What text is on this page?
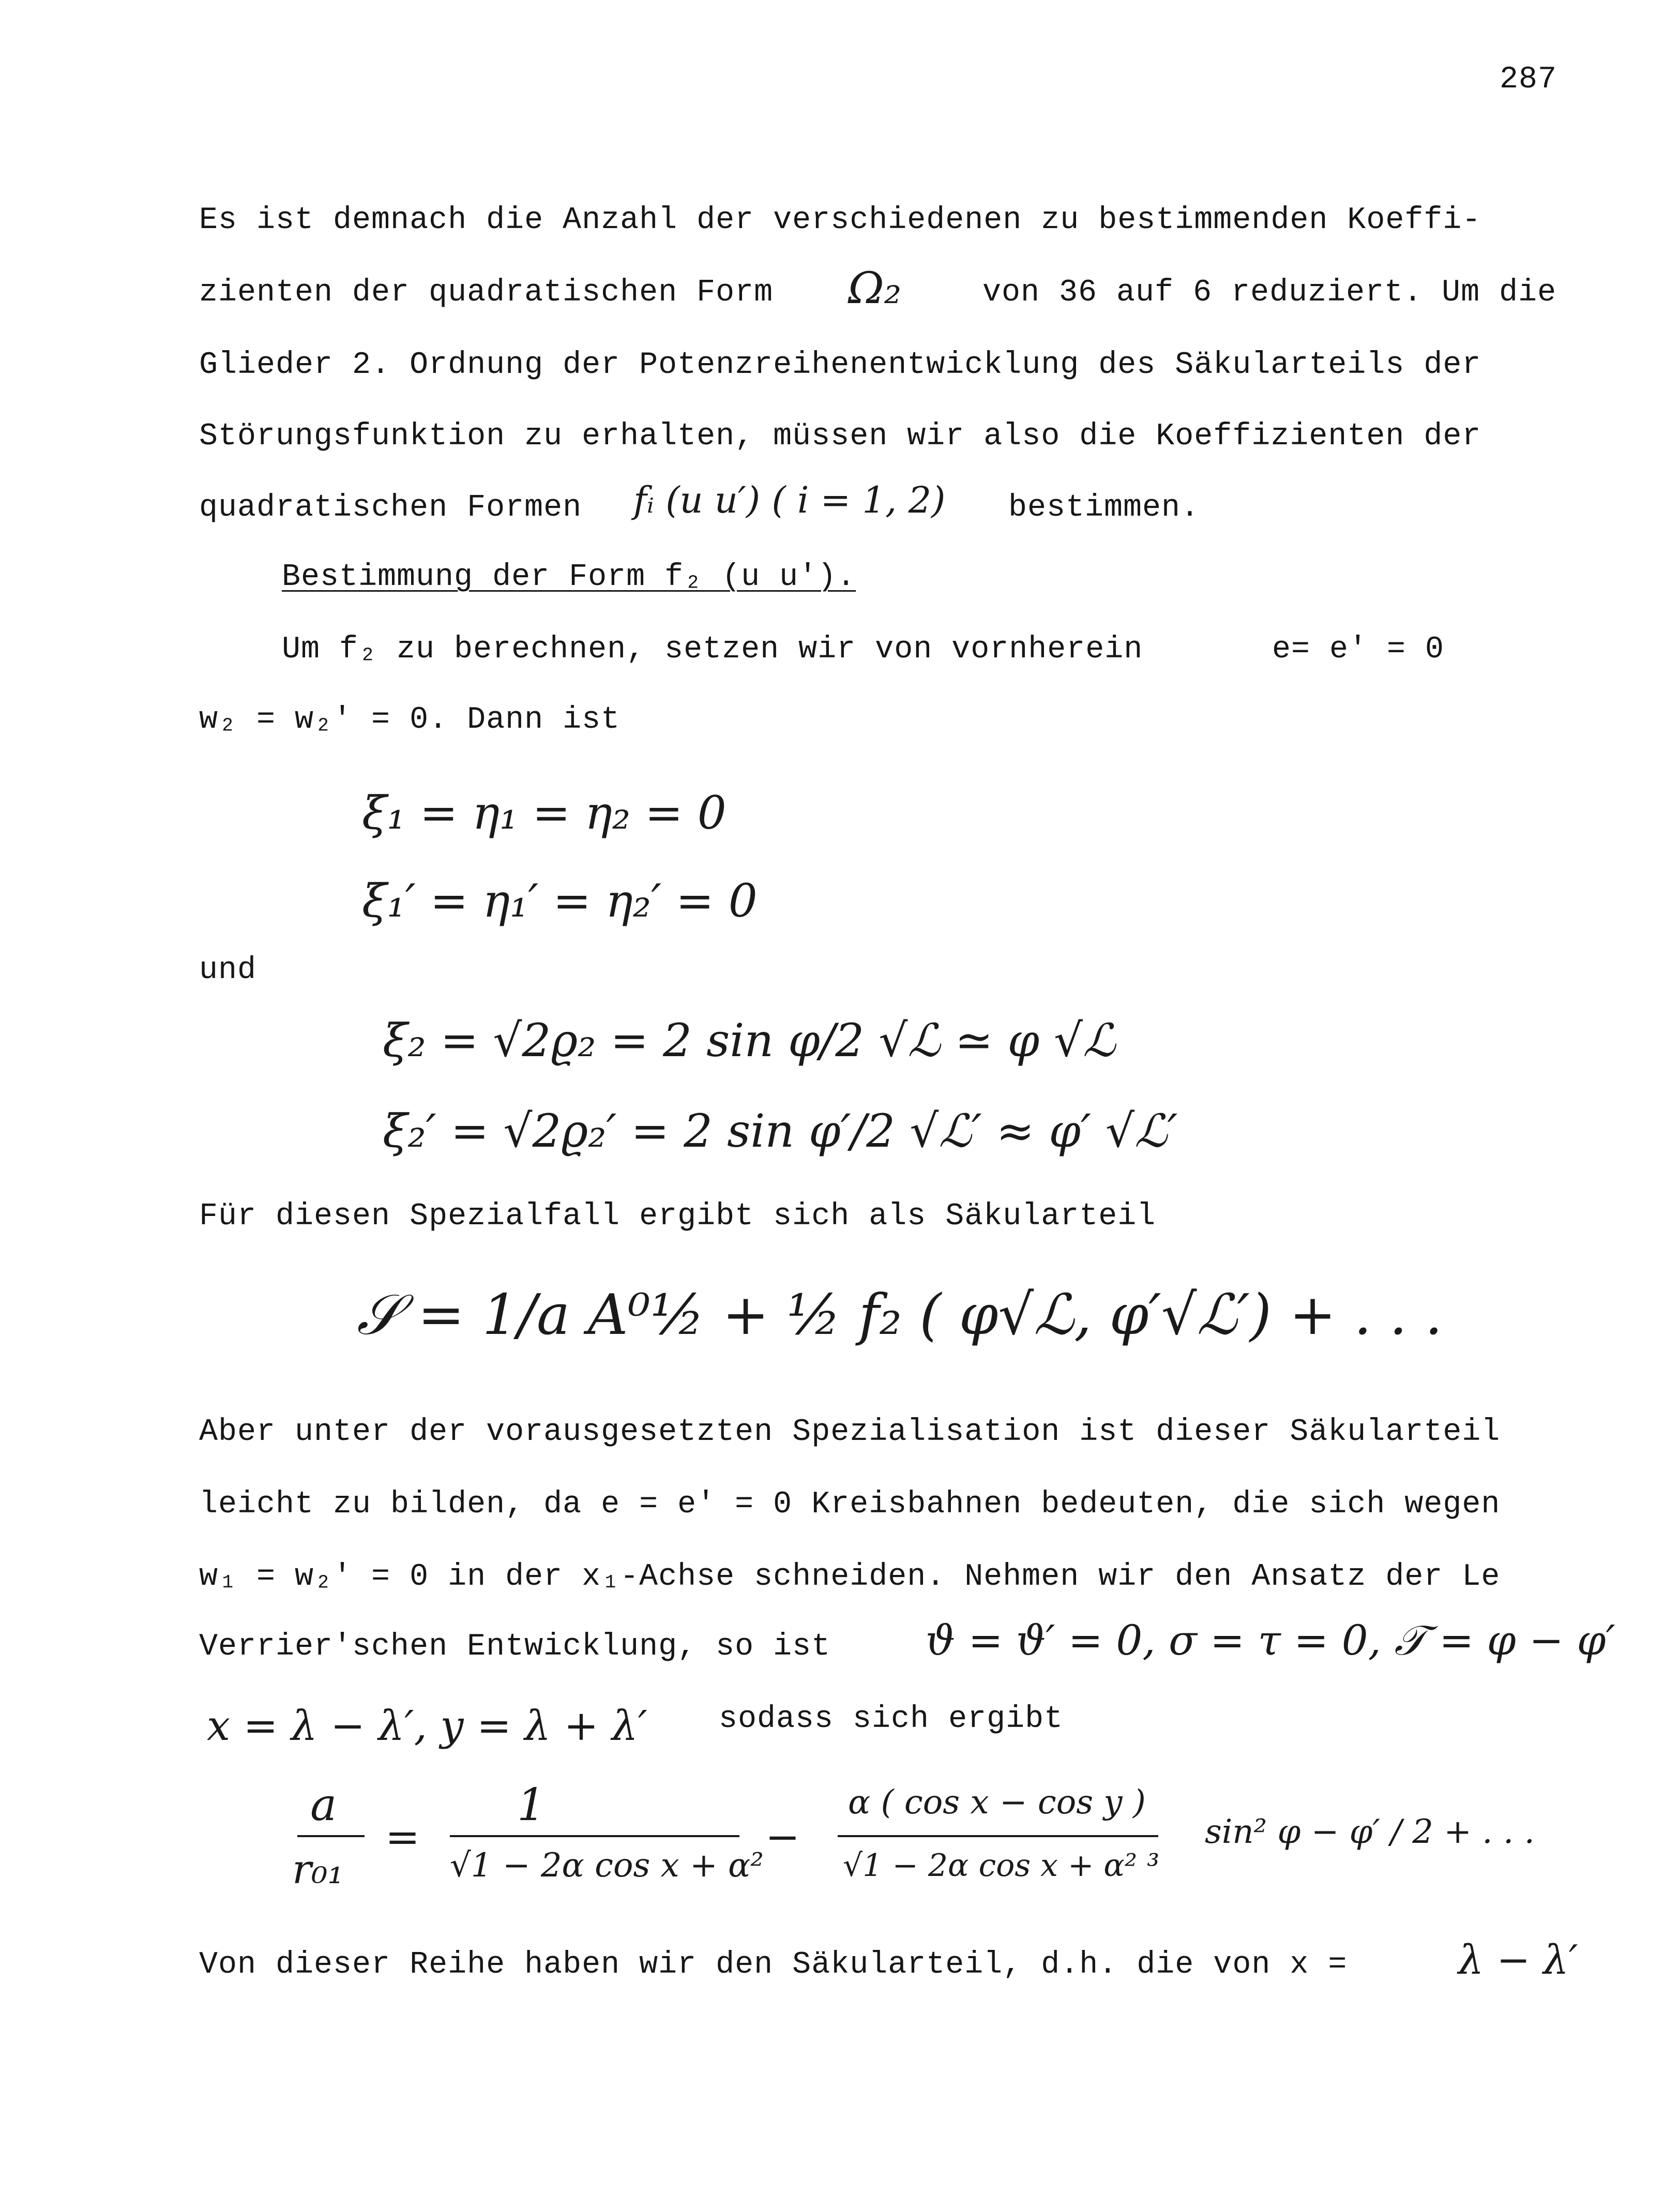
287
Es ist demnach die Anzahl der verschiedenen zu bestimmenden Koeffi-
zienten der quadratischen Form Ω₂	von 36 auf 6 reduziert. Um die
Glieder 2. Ordnung der Potenzreihenentwicklung des Säkularteils der
Störungsfunktion zu erhalten, müssen wir also die Koeffizienten der
quadratischen Formen fᵢ (u u′) ( i = 1, 2) bestimmen.
Bestimmung der Form f₂ (u u′).
Um f₂ zu berechnen, setzen wir von vornherein	e= e′ = 0
w₂ = w₂′ = 0. Dann ist
ξ₁ = η₁ = η₂ = 0
ξ₁′ = η₁′ = η₂′ = 0
und
ξ₂ = √2ϱ₂ = 2 sin φ/2 √ℒ ≃ φ √ℒ
ξ₂′ = √2ϱ₂′ = 2 sin φ′/2 √ℒ′ ≈ φ′ √ℒ′
Für diesen Spezialfall ergibt sich als Säkularteil
𝒮 = 1/a A⁰½ + ½ f₂ ( φ√ℒ, φ′√ℒ′) + . . .
Aber unter der vorausgesetzten Spezialisation ist dieser Säkularteil
leicht zu bilden, da e = e′ = 0 Kreisbahnen bedeuten, die sich wegen
w₁ = w₂′ = 0 in der x₁-Achse schneiden. Nehmen wir den Ansatz der Le
Verrier'schen Entwicklung, so ist ϑ = ϑ′ = 0, σ = τ = 0, 𝒯 = φ − φ′
x = λ − λ′, y = λ + λ′ sodass sich ergibt
a
r₀₁
=
1
√1 − 2α cos x + α²
−
α ( cos x − cos y )
√1 − 2α cos x + α² ³
sin² φ − φ′ / 2 + . . .
Von dieser Reihe haben wir den Säkularteil, d.h. die von x =	λ − λ′
